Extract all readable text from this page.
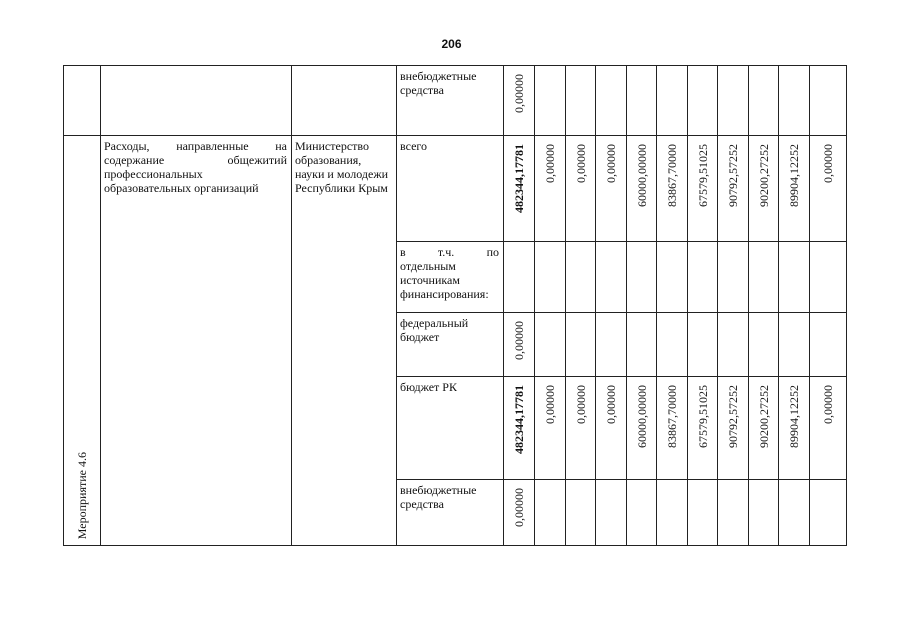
206

			внебюджетные средства	0,00000										

Мероприятие 4.6	Расходы, направленные на содержание общежитий профессиональных образовательных организаций	Министерство образования, науки и молодежи Республики Крым	всего	482344,17781	0,00000	0,00000	0,00000	60000,00000	83867,70000	67579,51025	90792,57252	90200,27252	89904,12252	0,00000

			в т.ч. по отдельным источникам финансирования:											

			федеральный бюджет	0,00000										

			бюджет РК	482344,17781	0,00000	0,00000	0,00000	60000,00000	83867,70000	67579,51025	90792,57252	90200,27252	89904,12252	0,00000

			внебюджетные средства	0,00000										
